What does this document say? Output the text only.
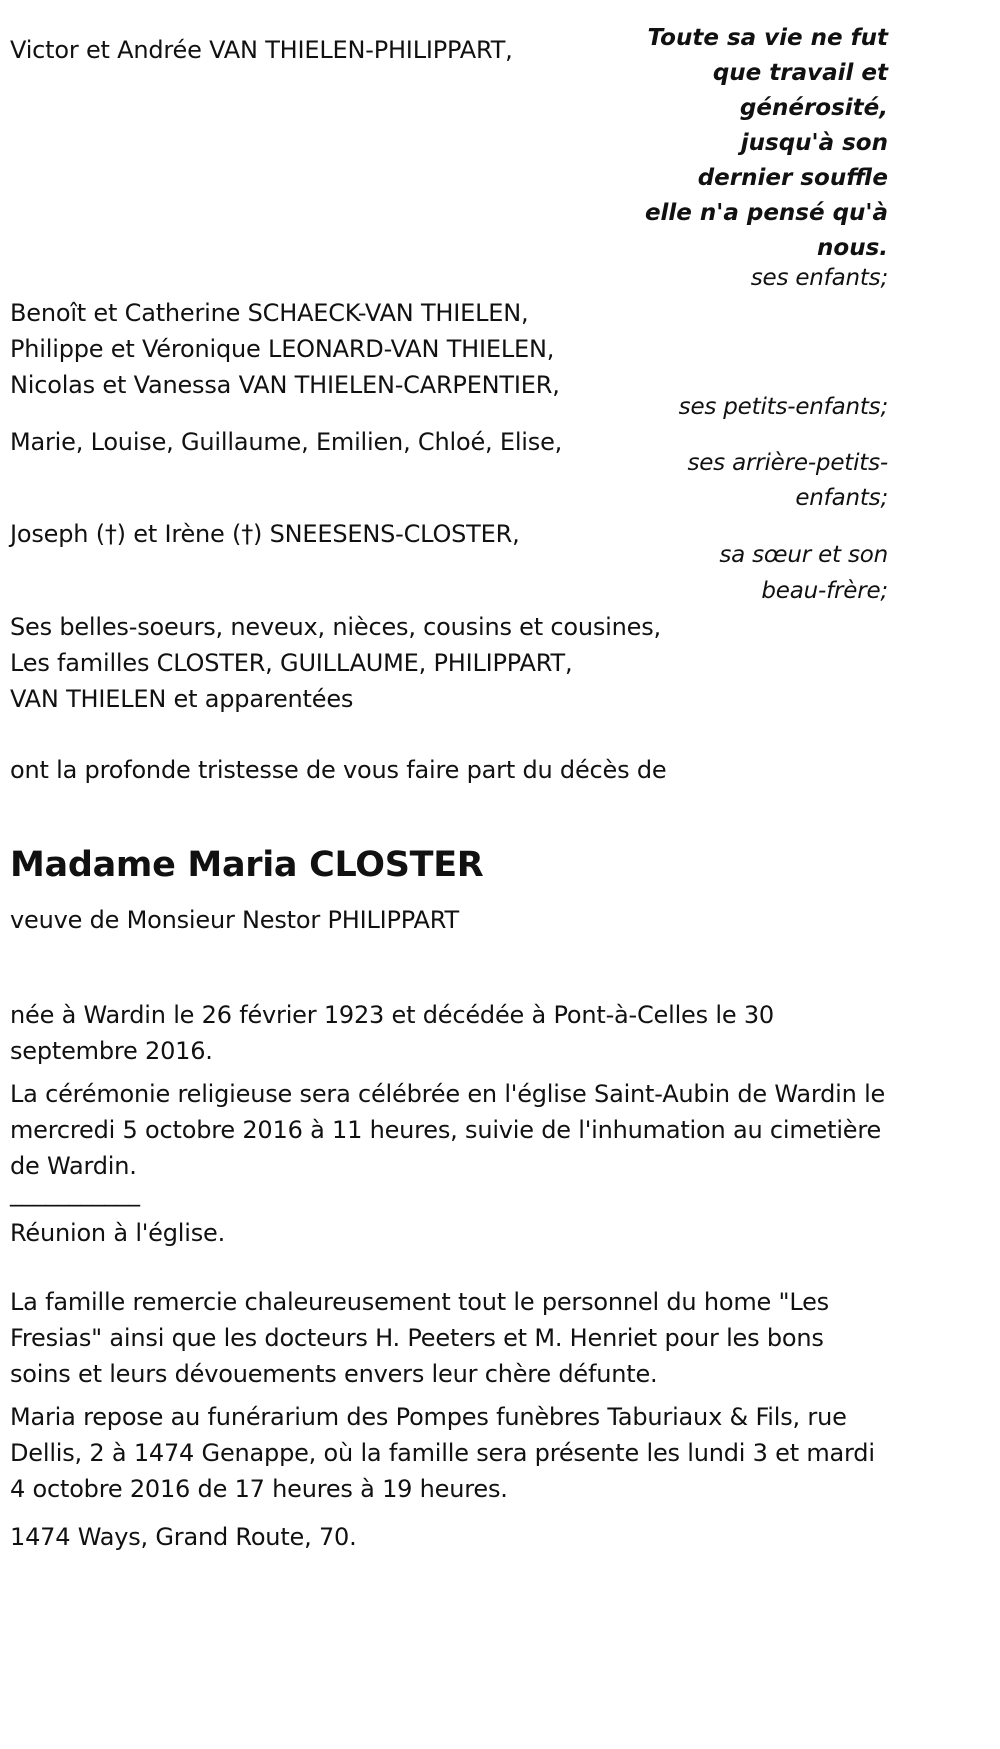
Toute sa vie ne fut
que travail et
générosité,
jusqu'à son
dernier souffle
elle n'a pensé qu'à
nous.

Victor et Andrée VAN THIELEN-PHILIPPART,

ses enfants;

Benoît et Catherine SCHAECK-VAN THIELEN,

Philippe et Véronique LEONARD-VAN THIELEN,

Nicolas et Vanessa VAN THIELEN-CARPENTIER,

ses petits-enfants;

Marie, Louise, Guillaume, Emilien, Chloé, Elise,

ses arrière-petits-

enfants;

Joseph (†) et Irène (†) SNEESENS-CLOSTER,

sa sœur et son

beau-frère;

Ses belles-soeurs, neveux, nièces, cousins et cousines,

Les familles CLOSTER, GUILLAUME, PHILIPPART,

VAN THIELEN et apparentées

ont la profonde tristesse de vous faire part du décès de

Madame Maria CLOSTER

veuve de Monsieur Nestor PHILIPPART

née à Wardin le 26 février 1923 et décédée à Pont-à-Celles le 30 septembre 2016.

La cérémonie religieuse sera célébrée en l'église Saint-Aubin de Wardin le mercredi 5 octobre 2016 à 11 heures, suivie de l'inhumation au cimetière de Wardin.

___________

Réunion à l'église.

La famille remercie chaleureusement tout le personnel du home "Les Fresias" ainsi que les docteurs H. Peeters et M. Henriet pour les bons soins et leurs dévouements envers leur chère défunte.

Maria repose au funérarium des Pompes funèbres Taburiaux & Fils, rue Dellis, 2 à 1474 Genappe, où la famille sera présente les lundi 3 et mardi 4 octobre 2016 de 17 heures à 19 heures.

1474 Ways, Grand Route, 70.
